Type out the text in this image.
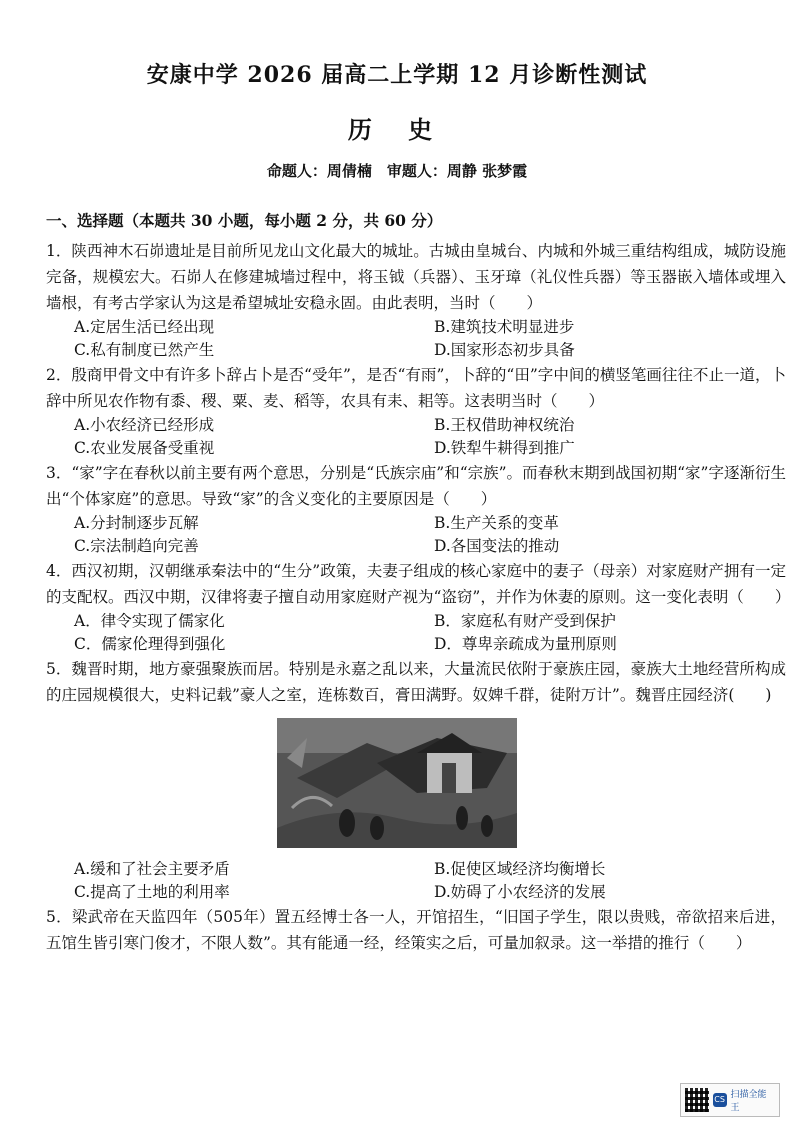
安康中学 2026 届高二上学期 12 月诊断性测试
历 史
命题人：周倩楠　审题人：周静 张梦霞
一、选择题（本题共 30 小题，每小题 2 分，共 60 分）

1．陕西神木石峁遗址是目前所见龙山文化最大的城址。古城由皇城台、内城和外城三重结构组成，城防设施完备，规模宏大。石峁人在修建城墙过程中，将玉钺（兵器）、玉牙璋（礼仪性兵器）等玉器嵌入墙体或埋入墙根，有考古学家认为这是希望城址安稳永固。由此表明，当时（　　）

A.定居生活已经出现	B.建筑技术明显进步
C.私有制度已然产生	D.国家形态初步具备

2．殷商甲骨文中有许多卜辞占卜是否“受年”，是否“有雨”，卜辞的“田”字中间的横竖笔画往往不止一道，卜辞中所见农作物有黍、稷、粟、麦、稻等，农具有耒、耜等。这表明当时（　　）

A.小农经济已经形成	B.王权借助神权统治
C.农业发展备受重视	D.铁犁牛耕得到推广

3．“家”字在春秋以前主要有两个意思，分别是“氏族宗庙”和“宗族”。而春秋末期到战国初期“家”字逐渐衍生出“个体家庭”的意思。导致“家”的含义变化的主要原因是（　　）

A.分封制逐步瓦解	B.生产关系的变革
C.宗法制趋向完善	D.各国变法的推动

4．西汉初期，汉朝继承秦法中的“生分”政策，夫妻子组成的核心家庭中的妻子（母亲）对家庭财产拥有一定的支配权。西汉中期，汉律将妻子擅自动用家庭财产视为“盗窃”，并作为休妻的原则。这一变化表明（　　）

A．律令实现了儒家化	B．家庭私有财产受到保护
C．儒家伦理得到强化	D．尊卑亲疏成为量刑原则

5．魏晋时期，地方豪强聚族而居。特别是永嘉之乱以来，大量流民依附于豪族庄园，豪族大土地经营所构成的庄园规模很大，史料记载”豪人之室，连栋数百，膏田满野。奴婢千群，徒附万计”。魏晋庄园经济(　　)

A.缓和了社会主要矛盾	B.促使区域经济均衡增长
C.提高了土地的利用率	D.妨碍了小农经济的发展

5．梁武帝在天监四年（505年）置五经博士各一人，开馆招生，“旧国子学生，限以贵贱，帝欲招来后进，五馆生皆引寒门俊才，不限人数”。其有能通一经，经策实之后，可量加叙录。这一举措的推行（　　）

CS 扫描全能王
